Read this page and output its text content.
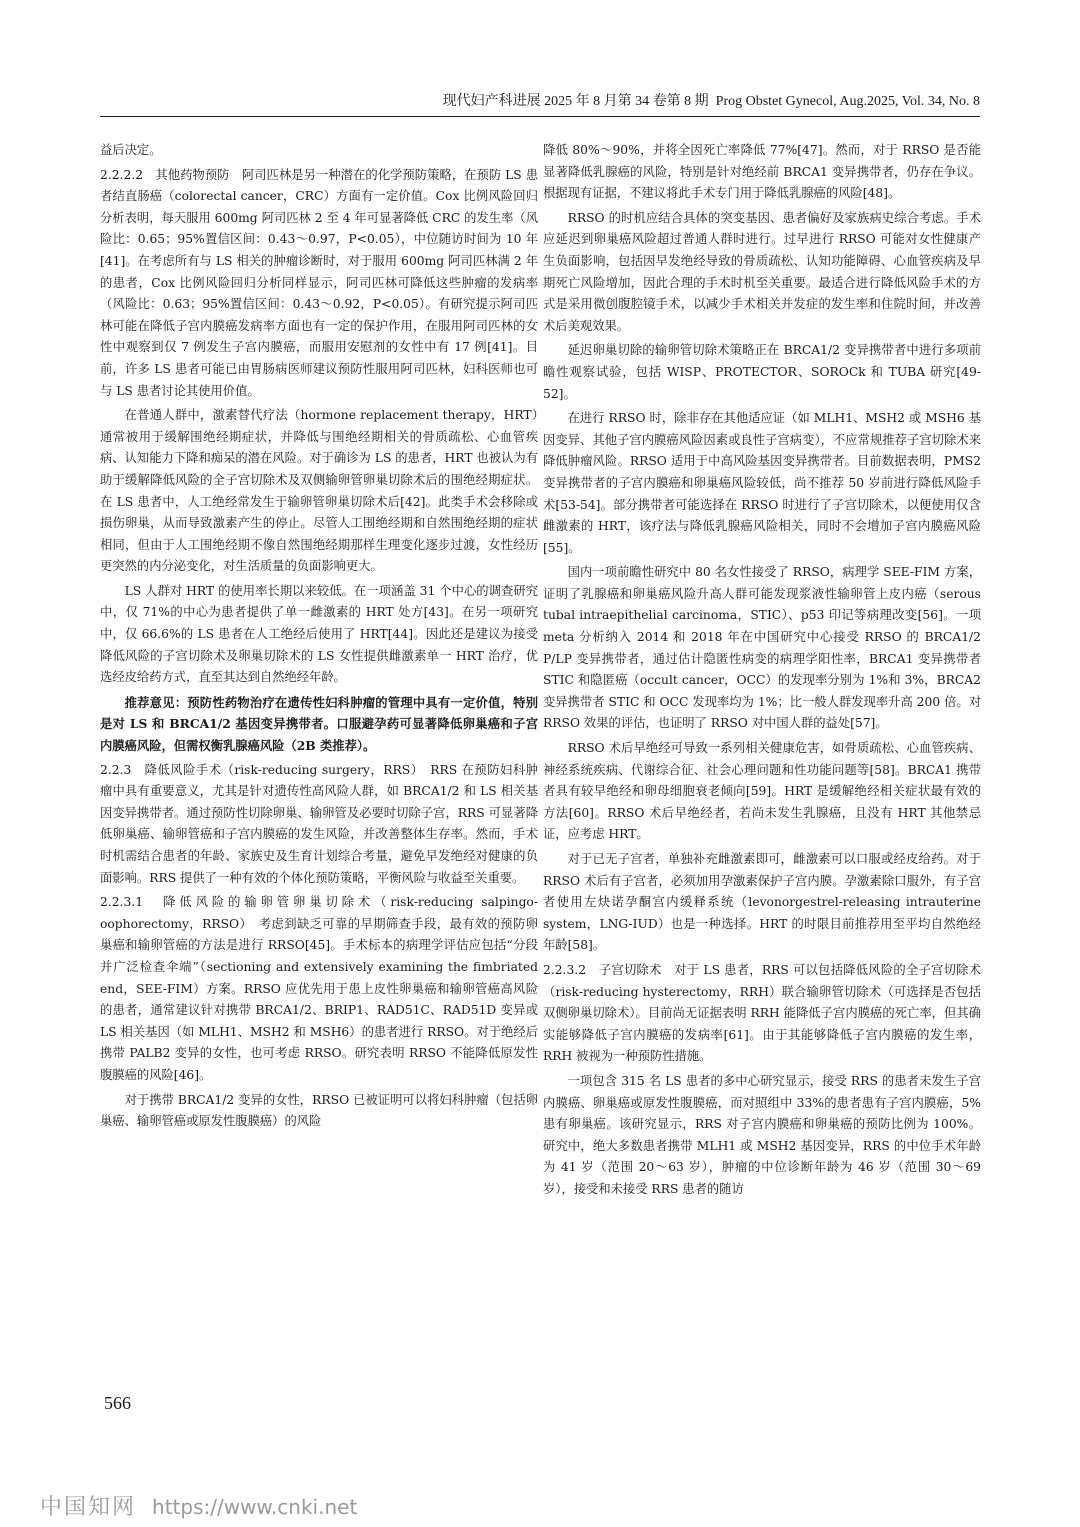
现代妇产科进展 2025 年 8 月第 34 卷第 8 期 Prog Obstet Gynecol, Aug.2025, Vol. 34, No. 8

益后决定。

2.2.2.2　其他药物预防　阿司匹林是另一种潜在的化学预防策略，在预防 LS 患者结直肠癌（colorectal cancer，CRC）方面有一定价值。Cox 比例风险回归分析表明，每天服用 600mg 阿司匹林 2 至 4 年可显著降低 CRC 的发生率（风险比：0.65；95%置信区间：0.43～0.97，P<0.05），中位随访时间为 10 年[41]。在考虑所有与 LS 相关的肿瘤诊断时，对于服用 600mg 阿司匹林满 2 年的患者，Cox 比例风险回归分析同样显示，阿司匹林可降低这些肿瘤的发病率（风险比：0.63；95%置信区间：0.43～0.92，P<0.05）。有研究提示阿司匹林可能在降低子宫内膜癌发病率方面也有一定的保护作用，在服用阿司匹林的女性中观察到仅 7 例发生子宫内膜癌，而服用安慰剂的女性中有 17 例[41]。目前，许多 LS 患者可能已由胃肠病医师建议预防性服用阿司匹林，妇科医师也可与 LS 患者讨论其使用价值。

在普通人群中，激素替代疗法（hormone replacement therapy，HRT）通常被用于缓解围绝经期症状，并降低与围绝经期相关的骨质疏松、心血管疾病、认知能力下降和痴呆的潜在风险。对于确诊为 LS 的患者，HRT 也被认为有助于缓解降低风险的全子宫切除术及双侧输卵管卵巢切除术后的围绝经期症状。在 LS 患者中，人工绝经常发生于输卵管卵巢切除术后[42]。此类手术会移除或损伤卵巢，从而导致激素产生的停止。尽管人工围绝经期和自然围绝经期的症状相同，但由于人工围绝经期不像自然围绝经期那样生理变化逐步过渡，女性经历更突然的内分泌变化，对生活质量的负面影响更大。

LS 人群对 HRT 的使用率长期以来较低。在一项涵盖 31 个中心的调查研究中，仅 71%的中心为患者提供了单一雌激素的 HRT 处方[43]。在另一项研究中，仅 66.6%的 LS 患者在人工绝经后使用了 HRT[44]。因此还是建议为接受降低风险的子宫切除术及卵巢切除术的 LS 女性提供雌激素单一 HRT 治疗，优选经皮给药方式，直至其达到自然绝经年龄。

推荐意见：预防性药物治疗在遗传性妇科肿瘤的管理中具有一定价值，特别是对 LS 和 BRCA1/2 基因变异携带者。口服避孕药可显著降低卵巢癌和子宫内膜癌风险，但需权衡乳腺癌风险（2B 类推荐）。

2.2.3　降低风险手术（risk-reducing surgery，RRS）　RRS 在预防妇科肿瘤中具有重要意义，尤其是针对遗传性高风险人群，如 BRCA1/2 和 LS 相关基因变异携带者。通过预防性切除卵巢、输卵管及必要时切除子宫，RRS 可显著降低卵巢癌、输卵管癌和子宫内膜癌的发生风险，并改善整体生存率。然而，手术时机需结合患者的年龄、家族史及生育计划综合考量，避免早发绝经对健康的负面影响。RRS 提供了一种有效的个体化预防策略，平衡风险与收益至关重要。

2.2.3.1　降低风险的输卵管卵巢切除术（risk-reducing salpingo-oophorectomy，RRSO）　考虑到缺乏可靠的早期筛查手段，最有效的预防卵巢癌和输卵管癌的方法是进行 RRSO[45]。手术标本的病理学评估应包括“分段并广泛检查伞端”（sectioning and extensively examining the fimbriated end，SEE-FIM）方案。RRSO 应优先用于患上皮性卵巢癌和输卵管癌高风险的患者，通常建议针对携带 BRCA1/2、BRIP1、RAD51C、RAD51D 变异或 LS 相关基因（如 MLH1、MSH2 和 MSH6）的患者进行 RRSO。对于绝经后携带 PALB2 变异的女性，也可考虑 RRSO。研究表明 RRSO 不能降低原发性腹膜癌的风险[46]。

对于携带 BRCA1/2 变异的女性，RRSO 已被证明可以将妇科肿瘤（包括卵巢癌、输卵管癌或原发性腹膜癌）的风险

降低 80%～90%，并将全因死亡率降低 77%[47]。然而，对于 RRSO 是否能显著降低乳腺癌的风险，特别是针对绝经前 BRCA1 变异携带者，仍存在争议。根据现有证据，不建议将此手术专门用于降低乳腺癌的风险[48]。

RRSO 的时机应结合具体的突变基因、患者偏好及家族病史综合考虑。手术应延迟到卵巢癌风险超过普通人群时进行。过早进行 RRSO 可能对女性健康产生负面影响，包括因早发绝经导致的骨质疏松、认知功能障碍、心血管疾病及早期死亡风险增加，因此合理的手术时机至关重要。最适合进行降低风险手术的方式是采用微创腹腔镜手术，以减少手术相关并发症的发生率和住院时间，并改善术后美观效果。

延迟卵巢切除的输卵管切除术策略正在 BRCA1/2 变异携带者中进行多项前瞻性观察试验，包括 WISP、PROTECTOR、SOROCk 和 TUBA 研究[49-52]。

在进行 RRSO 时，除非存在其他适应证（如 MLH1、MSH2 或 MSH6 基因变异、其他子宫内膜癌风险因素或良性子宫病变），不应常规推荐子宫切除术来降低肿瘤风险。RRSO 适用于中高风险基因变异携带者。目前数据表明，PMS2 变异携带者的子宫内膜癌和卵巢癌风险较低，尚不推荐 50 岁前进行降低风险手术[53-54]。部分携带者可能选择在 RRSO 时进行了子宫切除术，以便使用仅含雌激素的 HRT，该疗法与降低乳腺癌风险相关，同时不会增加子宫内膜癌风险[55]。

国内一项前瞻性研究中 80 名女性接受了 RRSO，病理学 SEE-FIM 方案，证明了乳腺癌和卵巢癌风险升高人群可能发现浆液性输卵管上皮内癌（serous tubal intraepithelial carcinoma，STIC）、p53 印记等病理改变[56]。一项 meta 分析纳入 2014 和 2018 年在中国研究中心接受 RRSO 的 BRCA1/2 P/LP 变异携带者，通过估计隐匿性病变的病理学阳性率，BRCA1 变异携带者 STIC 和隐匿癌（occult cancer，OCC）的发现率分别为 1%和 3%，BRCA2 变异携带者 STIC 和 OCC 发现率均为 1%；比一般人群发现率升高 200 倍。对 RRSO 效果的评估，也证明了 RRSO 对中国人群的益处[57]。

RRSO 术后早绝经可导致一系列相关健康危害，如骨质疏松、心血管疾病、神经系统疾病、代谢综合征、社会心理问题和性功能问题等[58]。BRCA1 携带者具有较早绝经和卵母细胞衰老倾向[59]。HRT 是缓解绝经相关症状最有效的方法[60]。RRSO 术后早绝经者，若尚未发生乳腺癌，且没有 HRT 其他禁忌证，应考虑 HRT。

对于已无子宫者，单独补充雌激素即可，雌激素可以口服或经皮给药。对于 RRSO 术后有子宫者，必须加用孕激素保护子宫内膜。孕激素除口服外，有子宫者使用左炔诺孕酮宫内缓释系统（levonorgestrel-releasing intrauterine system，LNG-IUD）也是一种选择。HRT 的时限目前推荐用至平均自然绝经年龄[58]。

2.2.3.2　子宫切除术　对于 LS 患者，RRS 可以包括降低风险的全子宫切除术（risk-reducing hysterectomy，RRH）联合输卵管切除术（可选择是否包括双侧卵巢切除术）。目前尚无证据表明 RRH 能降低子宫内膜癌的死亡率，但其确实能够降低子宫内膜癌的发病率[61]。由于其能够降低子宫内膜癌的发生率，RRH 被视为一种预防性措施。

一项包含 315 名 LS 患者的多中心研究显示，接受 RRS 的患者未发生子宫内膜癌、卵巢癌或原发性腹膜癌，而对照组中 33%的患者患有子宫内膜癌，5%患有卵巢癌。该研究显示，RRS 对子宫内膜癌和卵巢癌的预防比例为 100%。研究中，绝大多数患者携带 MLH1 或 MSH2 基因变异，RRS 的中位手术年龄为 41 岁（范围 20～63 岁），肿瘤的中位诊断年龄为 46 岁（范围 30～69 岁），接受和未接受 RRS 患者的随访

566
中国知网 https://www.cnki.net
